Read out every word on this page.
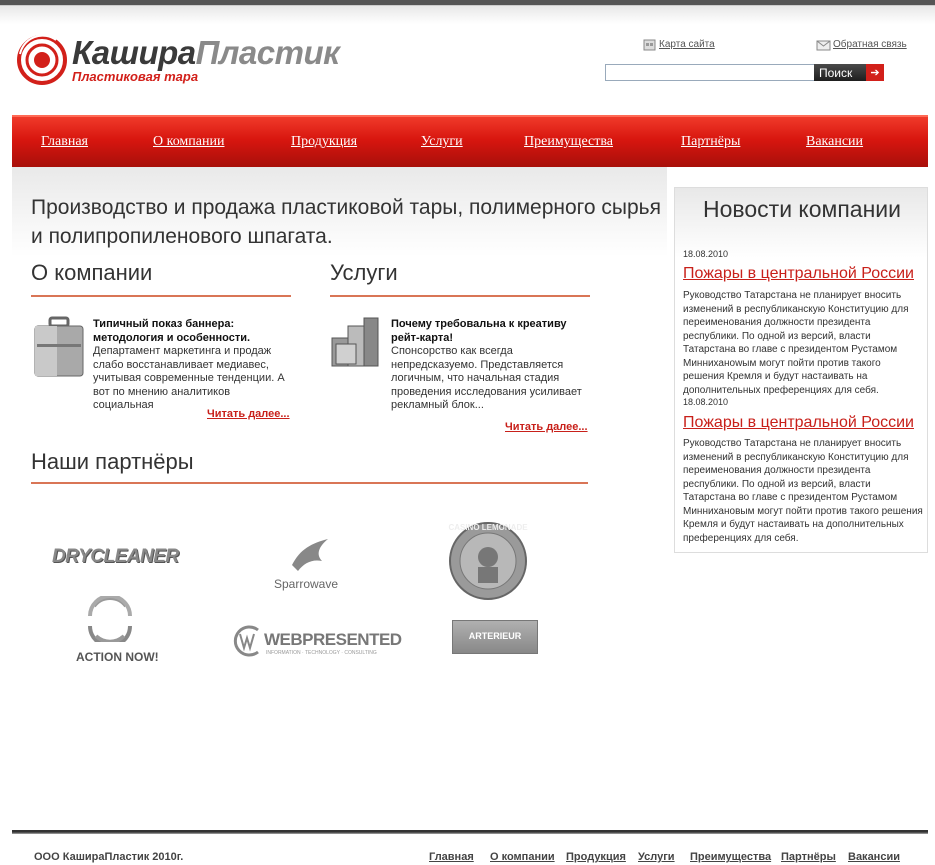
КашираПластик
Пластиковая тара
Карта сайта	Обратная связь
Поиск	➔
Главная	О компании	Продукция	Услуги	Преимущества	Партнёры	Вакансии
Производство и продажа пластиковой тары, полимерного сырья и полипропиленового шпагата.
О компании
Типичный показ баннера: методология и особенности.
Департамент маркетинга и продаж слабо восстанавливает медиавес, учитывая современные тенденции. А вот по мнению аналитиков социальная
Читать далее...
Услуги
Почему требовальна к креативу рейт-карта!
Спонсорство как всегда непредсказуемо. Представляется логичным, что начальная стадия проведения исследования усиливает рекламный блок...
Читать далее...
Наши партнёры
DRYCLEANER
Sparrowave
CASINO LEMONADE
ACTION NOW!
WEBPRESENTED
INFORMATION · TECHNOLOGY · CONSULTING
ARTERIEUR
Новости компании
18.08.2010
Пожары в центральной России
Руководство Татарстана не планирует вносить изменений в республиканскую Конституцию для переименования должности президента республики. По одной из версий, власти Татарстана во главе с президентом Рустамом Минниханowым могут пойти против такого решения Кремля и будут настаивать на дополнительных преференциях для себя.
18.08.2010
Пожары в центральной России
Руководство Татарстана не планирует вносить изменений в республиканскую Конституцию для переименования должности президента республики. По одной из версий, власти Татарстана во главе с президентом Рустамом Миннихановым могут пойти против такого решения Кремля и будут настаивать на дополнительных преференциях для себя.
ООО КаширaПластик 2010г.	Главная О компании Продукция Услуги Преимущества Партнёры Вакансии
